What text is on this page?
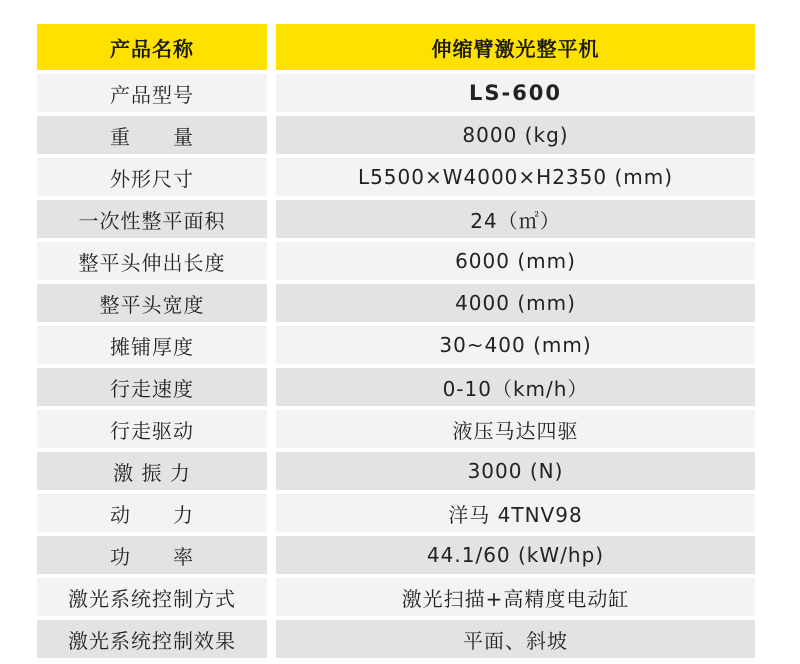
产品名称	伸缩臂激光整平机
产品型号	LS-600
重　　量	8000 (kg)
外形尺寸	L5500×W4000×H2350 (mm)
一次性整平面积	24（㎡）
整平头伸出长度	6000 (mm)
整平头宽度	4000 (mm)
摊铺厚度	30~400 (mm)
行走速度	0-10（km/h）
行走驱动	液压马达四驱
激 振 力	3000 (N)
动　　力	洋马 4TNV98
功　　率	44.1/60 (kW/hp)
激光系统控制方式	激光扫描+高精度电动缸
激光系统控制效果	平面、斜坡
